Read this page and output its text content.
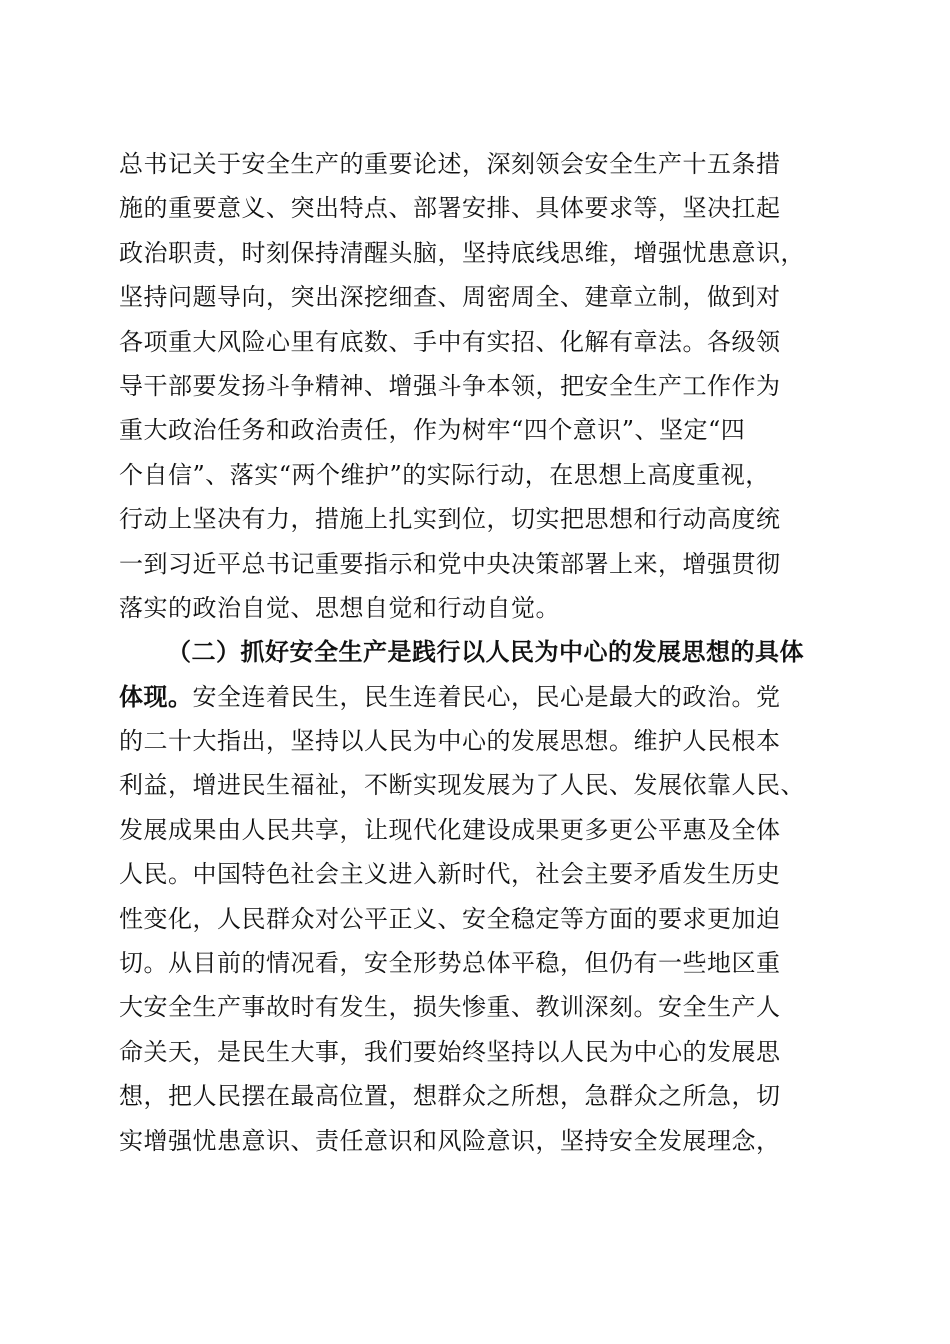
总书记关于安全生产的重要论述，深刻领会安全生产十五条措
施的重要意义、突出特点、部署安排、具体要求等，坚决扛起
政治职责，时刻保持清醒头脑，坚持底线思维，增强忧患意识，
坚持问题导向，突出深挖细查、周密周全、建章立制，做到对
各项重大风险心里有底数、手中有实招、化解有章法。各级领
导干部要发扬斗争精神、增强斗争本领，把安全生产工作作为
重大政治任务和政治责任，作为树牢“四个意识”、坚定“四
个自信”、落实“两个维护”的实际行动，在思想上高度重视，
行动上坚决有力，措施上扎实到位，切实把思想和行动高度统
一到习近平总书记重要指示和党中央决策部署上来，增强贯彻
落实的政治自觉、思想自觉和行动自觉。
（二）抓好安全生产是践行以人民为中心的发展思想的具体
体现。安全连着民生，民生连着民心，民心是最大的政治。党
的二十大指出，坚持以人民为中心的发展思想。维护人民根本
利益，增进民生福祉，不断实现发展为了人民、发展依靠人民、
发展成果由人民共享，让现代化建设成果更多更公平惠及全体
人民。中国特色社会主义进入新时代，社会主要矛盾发生历史
性变化，人民群众对公平正义、安全稳定等方面的要求更加迫
切。从目前的情况看，安全形势总体平稳，但仍有一些地区重
大安全生产事故时有发生，损失惨重、教训深刻。安全生产人
命关天，是民生大事，我们要始终坚持以人民为中心的发展思
想，把人民摆在最高位置，想群众之所想，急群众之所急，切
实增强忧患意识、责任意识和风险意识，坚持安全发展理念，
